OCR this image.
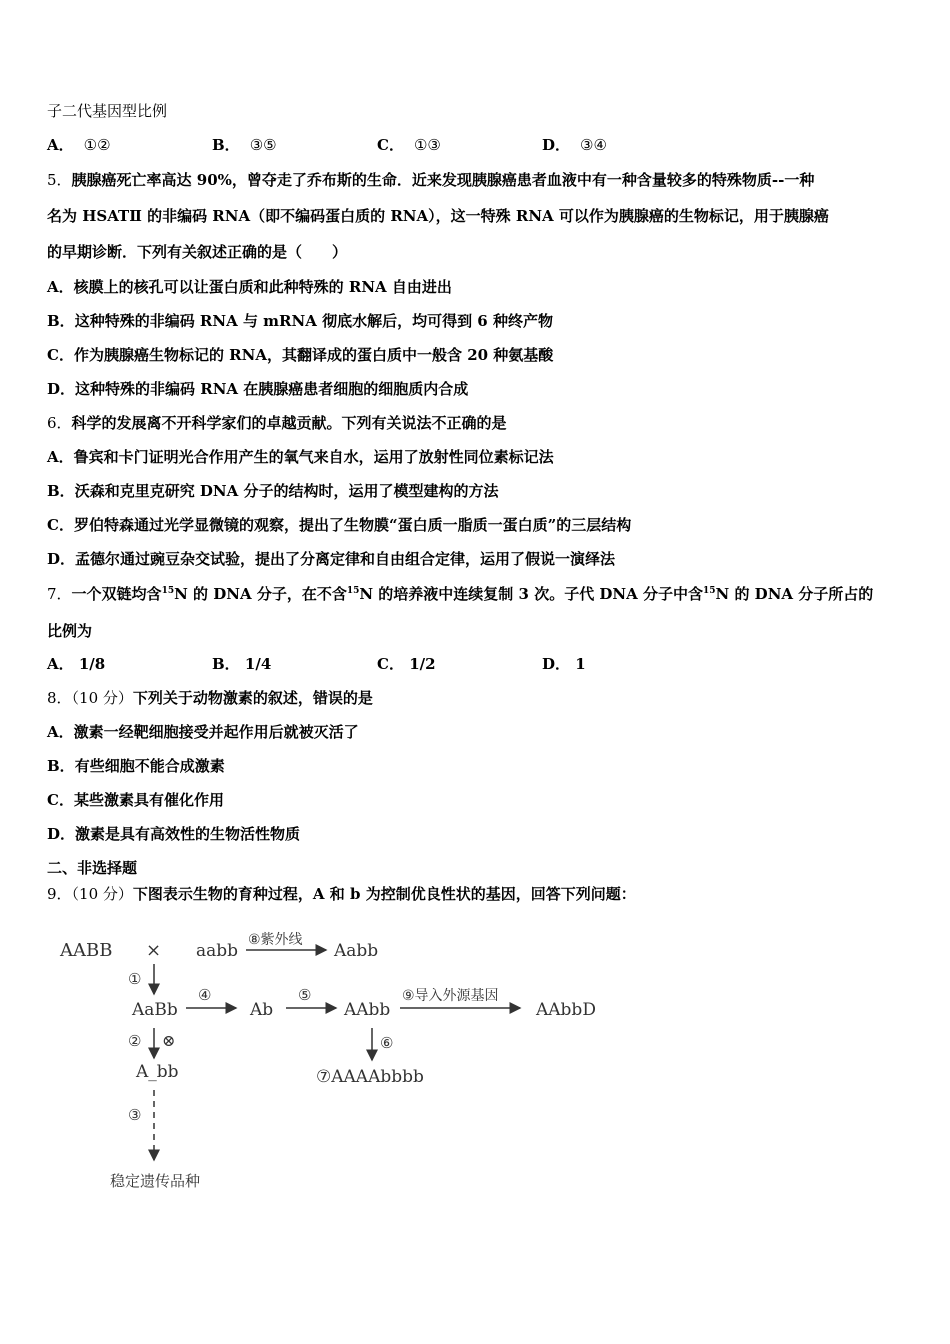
子二代基因型比例
A． ①②	B． ③⑤	C． ①③	D． ③④
5．胰腺癌死亡率高达 90%，曾夺走了乔布斯的生命．近来发现胰腺癌患者血液中有一种含量较多的特殊物质--一种
名为 HSATⅡ 的非编码 RNA（即不编码蛋白质的 RNA），这一特殊 RNA 可以作为胰腺癌的生物标记，用于胰腺癌
的早期诊断．下列有关叙述正确的是（　　）
A．核膜上的核孔可以让蛋白质和此种特殊的 RNA 自由进出
B．这种特殊的非编码 RNA 与 mRNA 彻底水解后，均可得到 6 种终产物
C．作为胰腺癌生物标记的 RNA，其翻译成的蛋白质中一般含 20 种氨基酸
D．这种特殊的非编码 RNA 在胰腺癌患者细胞的细胞质内合成
6．科学的发展离不开科学家们的卓越贡献。下列有关说法不正确的是
A．鲁宾和卡门证明光合作用产生的氧气来自水，运用了放射性同位素标记法
B．沃森和克里克研究 DNA 分子的结构时，运用了模型建构的方法
C．罗伯特森通过光学显微镜的观察，提出了生物膜“蛋白质一脂质一蛋白质”的三层结构
D．孟德尔通过豌豆杂交试验，提出了分离定律和自由组合定律，运用了假说一演绎法
7．一个双链均含$^{15}$N 的 DNA 分子，在不含$^{15}$N 的培养液中连续复制 3 次。子代 DNA 分子中含$^{15}$N 的 DNA 分子所占的
比例为
A． 1/8	B． 1/4	C． 1/2	D． 1
8．（10 分）下列关于动物激素的叙述，错误的是
A．激素一经靶细胞接受并起作用后就被灭活了
B．有些细胞不能合成激素
C．某些激素具有催化作用
D．激素是具有高效性的生物活性物质
二、非选择题
9．（10 分）下图表示生物的育种过程，A 和 b 为控制优良性状的基因，回答下列问题：
AABB × aabb
⑧紫外线
Aabb
①
AaBb
④
Ab
⑤
AAbb
⑨导入外源基因
AAbbD
② ⊗	⑥
A_bb	⑦AAAAbbbb
③
稳定遗传品种
